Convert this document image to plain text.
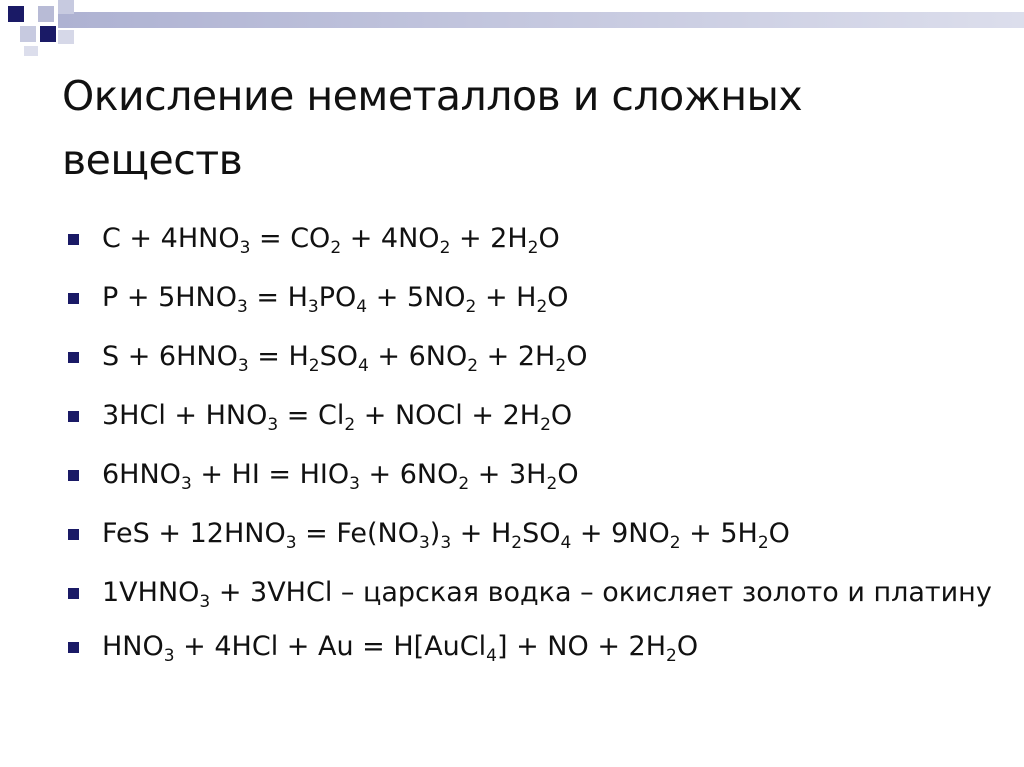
Окисление неметаллов и сложных веществ
$C + 4HNO_3 = CO_2 + 4NO_2 + 2H_2O$
$P + 5HNO_3 = H_3PO_4 + 5NO_2 + H_2O$
$S + 6HNO_3 = H_2SO_4 + 6NO_2 + 2H_2O$
$3HCl + HNO_3 = Cl_2$ + NOCl + $2H_2O$
$6HNO_3$ + HI = $HIO_3 + 6NO_2 + 3H_2O$
FeS + $12HNO_3 = Fe(NO_3)_3 + H_2SO_4 + 9NO_2 + 5H_2O$
$1VHNO_3$ + 3VHCl – царская водка – окисляет золото и платину
$HNO_3 + 4HCl + Au$ = H[AuCl$_4$] + NO + $2H_2O$
